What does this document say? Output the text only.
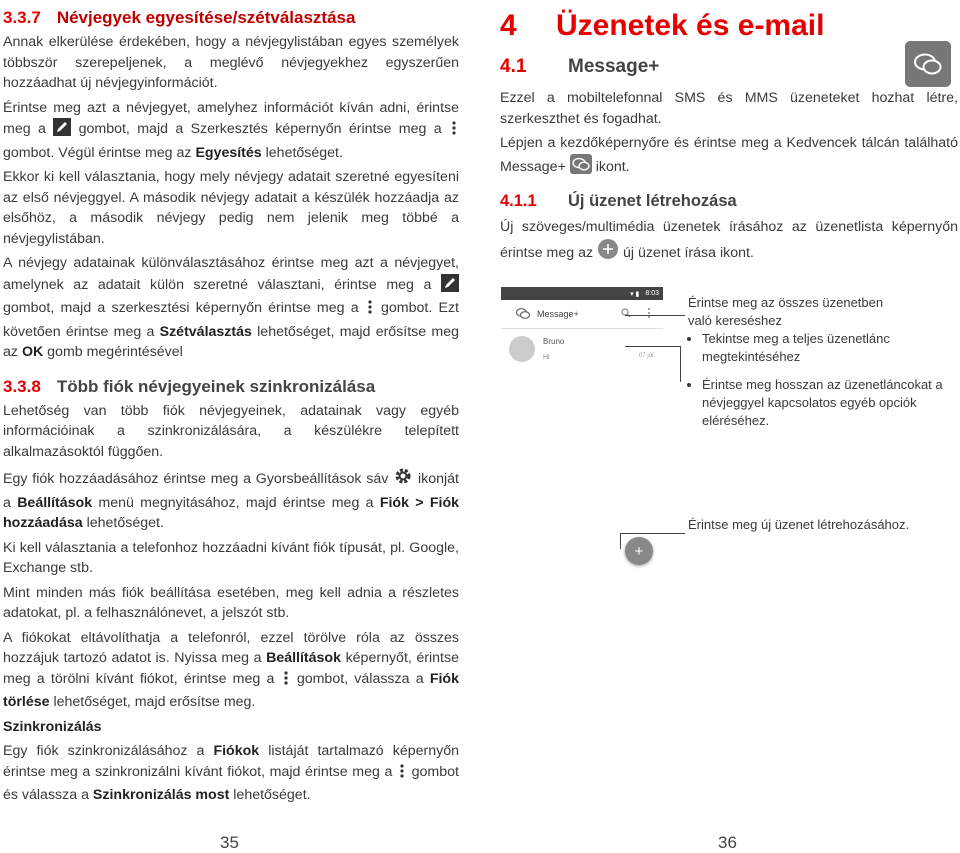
3.3.7 Névjegyek egyesítése/szétválasztása

Annak elkerülése érdekében, hogy a névjegylistában egyes személyek többször szerepeljenek, a meglévő névjegyekhez egyszerűen hozzáadhat új névjegyinformációt.

Érintse meg azt a névjegyet, amelyhez információt kíván adni, érintse meg a gombot, majd a Szerkesztés képernyőn érintse meg a  gombot. Végül érintse meg az Egyesítés lehetőséget.

Ekkor ki kell választania, hogy mely névjegy adatait szeretné egyesíteni az első névjeggyel. A második névjegy adatait a készülék hozzáadja az elsőhöz, a második névjegy pedig nem jelenik meg többé a névjegylistában.

A névjegy adatainak különválasztásához érintse meg azt a névjegyet, amelynek az adatait külön szeretné választani, érintse meg a  gombot, majd a szerkesztési képernyőn érintse meg a gombot. Ezt követően érintse meg a Szétválasztás lehetőséget, majd erősítse meg az OK gomb megérintésével

3.3.8 Több fiók névjegyeinek szinkronizálása

Lehetőség van több fiók névjegyeinek, adatainak vagy egyéb információinak a szinkronizálására, a készülékre telepített alkalmazásoktól függően.

Egy fiók hozzáadásához érintse meg a Gyorsbeállítások sáv ikonját a Beállítások menü megnyitásához, majd érintse meg a Fiók > Fiók hozzáadása lehetőséget.

Ki kell választania a telefonhoz hozzáadni kívánt fiók típusát, pl. Google, Exchange stb.

Mint minden más fiók beállítása esetében, meg kell adnia a részletes adatokat, pl. a felhasználónevet, a jelszót stb.

A fiókokat eltávolíthatja a telefonról, ezzel törölve róla az összes hozzájuk tartozó adatot is. Nyissa meg a Beállítások képernyőt, érintse meg a törölni kívánt fiókot, érintse meg a gombot, válassza a Fiók törlése lehetőséget, majd erősítse meg.

Szinkronizálás

Egy fiók szinkronizálásához a Fiókok listáját tartalmazó képernyőn érintse meg a szinkronizálni kívánt fiókot, majd érintse meg a gombot és válassza a Szinkronizálás most lehetőséget.

35
4	Üzenetek és e-mail
4.1	Message+

Ezzel a mobiltelefonnal SMS és MMS üzeneteket hozhat létre, szerkeszthet és fogadhat.

Lépjen a kezdőképernyőre és érintse meg a Kedvencek tálcán található Message+ ikont.

4.1.1	Új üzenet létrehozása

Új szöveges/multimédia üzenetek írásához az üzenetlista képernyőn érintse meg az új üzenet írása ikont.

▾ ▮ 8:03
Message+
Bruno
Hi	07 júl.
+
Érintse meg az összes üzenetben való kereséshez
• Tekintse meg a teljes üzenetlánc megtekintéséhez
• Érintse meg hosszan az üzenetláncokat a névjeggyel kapcsolatos egyéb opciók eléréséhez.
Érintse meg új üzenet létrehozásához.
36
